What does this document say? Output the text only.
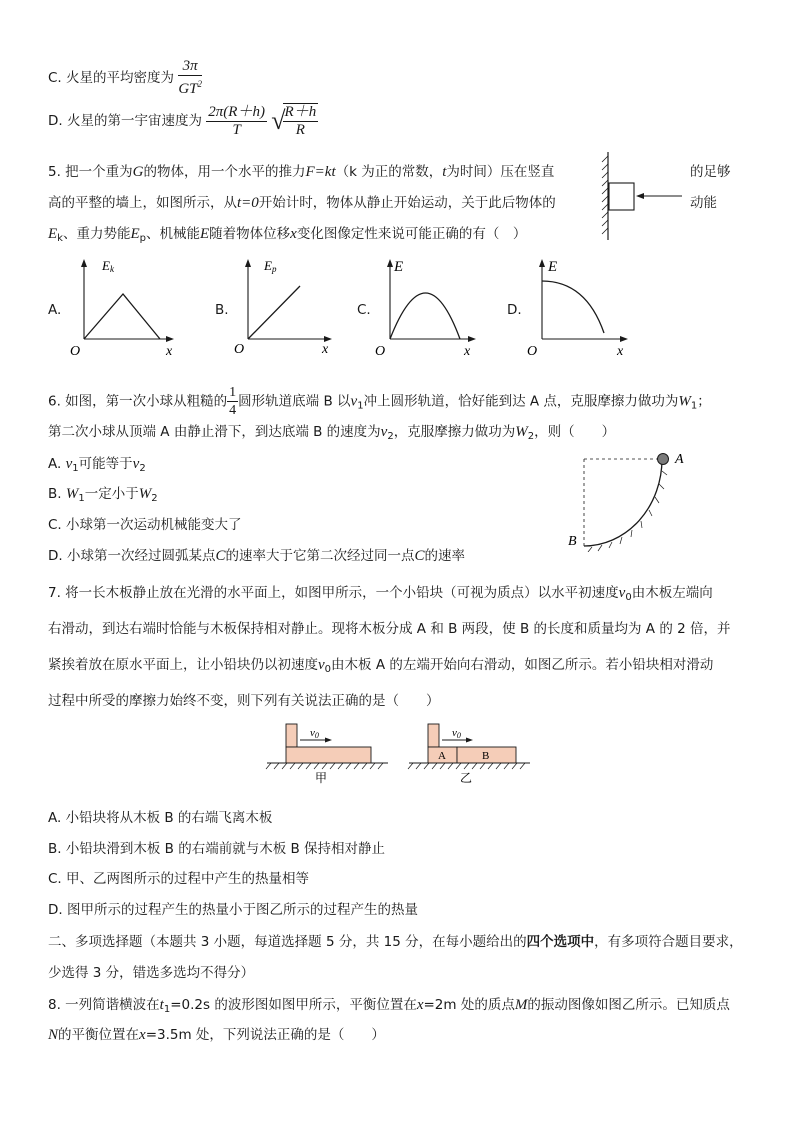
C. 火星的平均密度为 $\frac{3\pi}{GT^2}$
D. 火星的第一宇宙速度为 $\frac{2\pi(R+h)}{T}$ √
$\frac{R+h}{R}$
5. 把一个重为G的物体，用一个水平的推力F=kt（k 为正的常数，t为时间）压在竖直	的足够
高的平整的墙上，如图所示，从t=0开始计时，物体从静止开始运动，关于此后物体的	动能
$E_k$、重力势能$E_p$、机械能E随着物体位移x变化图像定性来说可能正确的有（　）
A.
Ek
O	x
B.
Ep
O	x
C.
E
O	x
D.
E
O	x
6. 如图，第一次小球从粗糙的 $\frac{1}{4}$ 圆形轨道底端 B 以$v_1$冲上圆形轨道，恰好能到达 A 点，克服摩擦力做功为$W_1$；
第二次小球从顶端 A 由静止滑下，到达底端 B 的速度为$v_2$，克服摩擦力做功为$W_2$，则（　　）
A. $v_1$可能等于$v_2$
B. $W_1$一定小于$W_2$
C. 小球第一次运动机械能变大了
D. 小球第一次经过圆弧某点C的速率大于它第二次经过同一点C的速率
A
B
7. 将一长木板静止放在光滑的水平面上，如图甲所示，一个小铅块（可视为质点）以水平初速度$v_0$由木板左端向
右滑动，到达右端时恰能与木板保持相对静止。现将木板分成 A 和 B 两段，使 B 的长度和质量均为 A 的 2 倍，并
紧挨着放在原水平面上，让小铅块仍以初速度$v_0$由木板 A 的左端开始向右滑动，如图乙所示。若小铅块相对滑动
过程中所受的摩擦力始终不变，则下列有关说法正确的是（　　）
v0
甲
A	B
v0
乙
A. 小铅块将从木板 B 的右端飞离木板
B. 小铅块滑到木板 B 的右端前就与木板 B 保持相对静止
C. 甲、乙两图所示的过程中产生的热量相等
D. 图甲所示的过程产生的热量小于图乙所示的过程产生的热量
二、多项选择题（本题共 3 小题，每道选择题 5 分，共 15 分，在每小题给出的四个选项中，有多项符合题目要求，
少选得 3 分，错选多选均不得分）
8. 一列简谐横波在$t_1=0.2s$ 的波形图如图甲所示，平衡位置在x=2m 处的质点M的振动图像如图乙所示。已知质点
N的平衡位置在x=3.5m 处，下列说法正确的是（　　）
